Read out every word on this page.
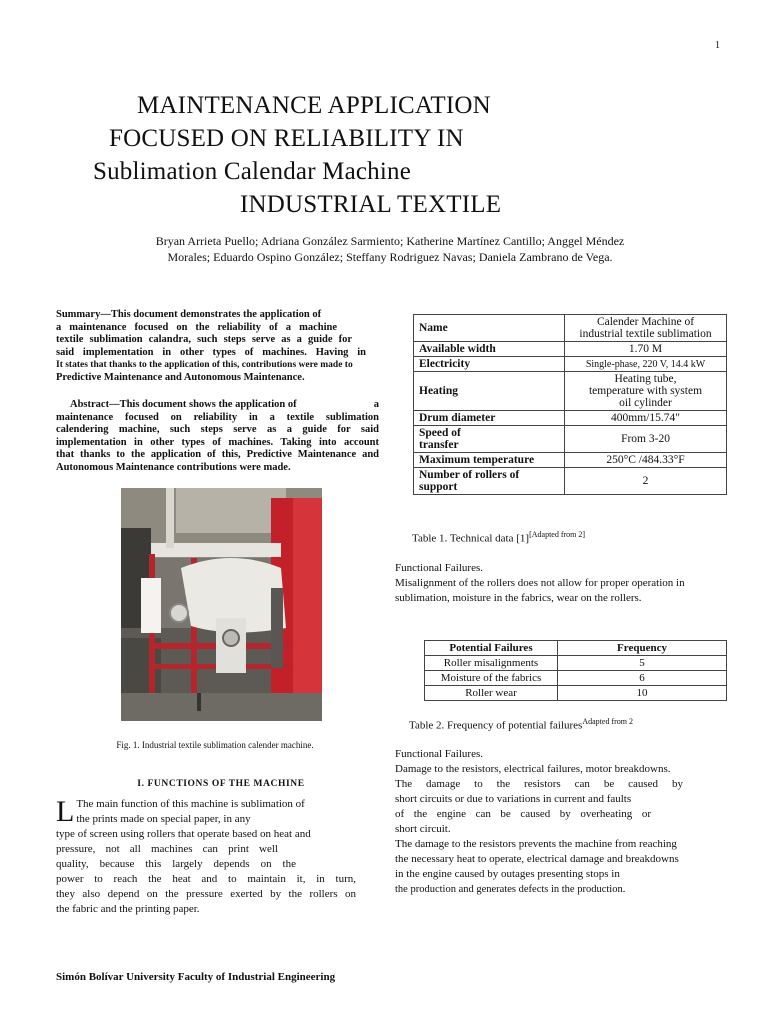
1
MAINTENANCE APPLICATION
FOCUSED ON RELIABILITY IN
Sublimation Calendar Machine
INDUSTRIAL TEXTILE
Bryan Arrieta Puello; Adriana González Sarmiento; Katherine Martínez Cantillo; Anggel Méndez
Morales; Eduardo Ospino González; Steffany Rodriguez Navas; Daniela Zambrano de Vega.
Summary—This document demonstrates the application of
a maintenance focused on the reliability of a machine
textile sublimation calandra, such steps serve as a guide for
said implementation in other types of machines. Having in
It states that thanks to the application of this, contributions were made to
Predictive Maintenance and Autonomous Maintenance.
Abstract—This document shows the application of	a
maintenance focused on reliability in a textile sublimation
calendering machine, such steps serve as a guide for said
implementation in other types of machines. Taking into account
that thanks to the application of this, Predictive Maintenance and
Autonomous Maintenance contributions were made.
Fig. 1. Industrial textile sublimation calender machine.
I. FUNCTIONS OF THE MACHINE
L The main function of this machine is sublimation of
the prints made on special paper, in any
type of screen using rollers that operate based on heat and
pressure, not all machines can print well
quality, because this largely depends on the
power to reach the heat and to maintain it, in turn,
they also depend on the pressure exerted by the rollers on
the fabric and the printing paper.
Name	Calender Machine of
industrial textile sublimation
Available width	1.70 M
Electricity	Single-phase, 220 V, 14.4 kW
Heating	Heating tube,
temperature with system
oil cylinder
Drum diameter	400mm/15.74"
Speed of
transfer	From 3-20
Maximum temperature	250°C /484.33°F
Number of rollers of
support	2
Table 1. Technical data [1][Adapted from 2]
Functional Failures.
Misalignment of the rollers does not allow for proper operation in
sublimation, moisture in the fabrics, wear on the rollers.
Potential Failures	Frequency
Roller misalignments	5
Moisture of the fabrics	6
Roller wear	10
Table 2. Frequency of potential failures$^{Adapted from 2}$
Functional Failures.
Damage to the resistors, electrical failures, motor breakdowns.
The damage to the resistors can be caused by
short circuits or due to variations in current and faults
of the engine can be caused by overheating or
short circuit.
The damage to the resistors prevents the machine from reaching
the necessary heat to operate, electrical damage and breakdowns
in the engine caused by outages presenting stops in
the production and generates defects in the production.
Simón Bolívar University Faculty of Industrial Engineering
